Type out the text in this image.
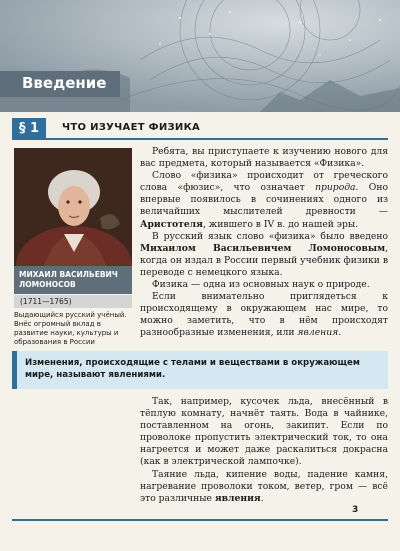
Введение
§ 1	ЧТО ИЗУЧАЕТ ФИЗИКА
МИХАИЛ ВАСИЛЬЕВИЧ ЛОМОНОСОВ
(1711—1765)
Выдающийся русский учёный. Внёс огромный вклад в развитие науки, культуры и образования в России

Ребята, вы приступаете к изучению нового для вас предмета, который называется «Физика».

Слово «физика» происходит от греческого слова «фюзис», что означает природа. Оно впервые появилось в сочинениях одного из величайших мыслителей древности — Аристотеля, жившего в IV в. до нашей эры.

В русский язык слово «физика» было введено Михаилом Васильевичем Ломоносовым, когда он издал в России первый учебник физики в переводе с немецкого языка.

Физика — одна из основных наук о природе.

Если внимательно приглядеться к происходящему в окружающем нас мире, то можно заметить, что в нём происходят разнообразные изменения, или явления.

Изменения, происходящие с телами и веществами в окружающем мире, называют явлениями.

Так, например, кусочек льда, внесённый в тёплую комнату, начнёт таять. Вода в чайнике, поставленном на огонь, закипит. Если по проволоке пропустить электрический ток, то она нагреется и может даже раскалиться докрасна (как в электрической лампочке).

Таяние льда, кипение воды, падение камня, нагревание проволоки током, ветер, гром — всё это различные явления.

3
